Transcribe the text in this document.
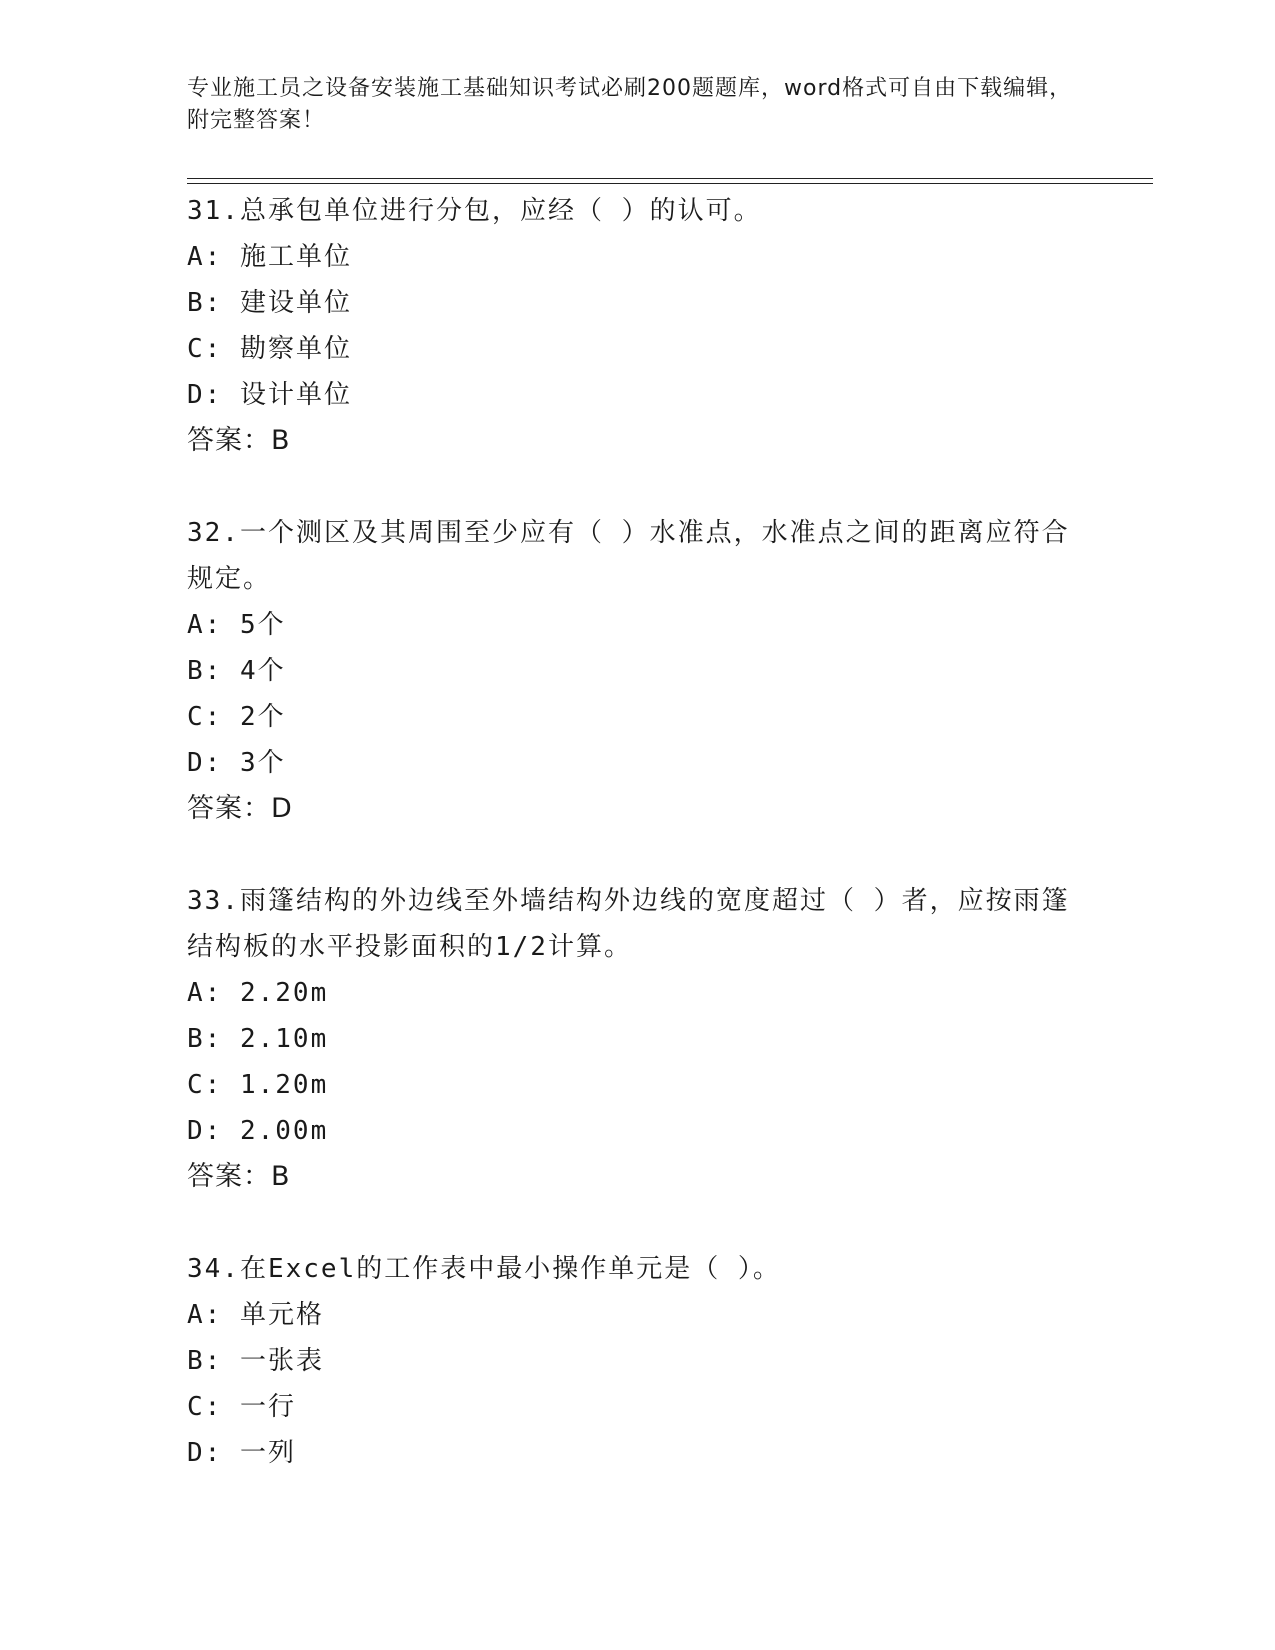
专业施工员之设备安装施工基础知识考试必刷200题题库，word格式可自由下载编辑，附完整答案！

31.总承包单位进行分包，应经（ ）的认可。

A: 施工单位

B: 建设单位

C: 勘察单位

D: 设计单位

答案：B

32.一个测区及其周围至少应有（ ）水准点，水准点之间的距离应符合规定。

A: 5个

B: 4个

C: 2个

D: 3个

答案：D

33.雨篷结构的外边线至外墙结构外边线的宽度超过（ ）者，应按雨篷结构板的水平投影面积的1/2计算。

A: 2.20m

B: 2.10m

C: 1.20m

D: 2.00m

答案：B

34.在Excel的工作表中最小操作单元是（ ）。

A: 单元格

B: 一张表

C: 一行

D: 一列
